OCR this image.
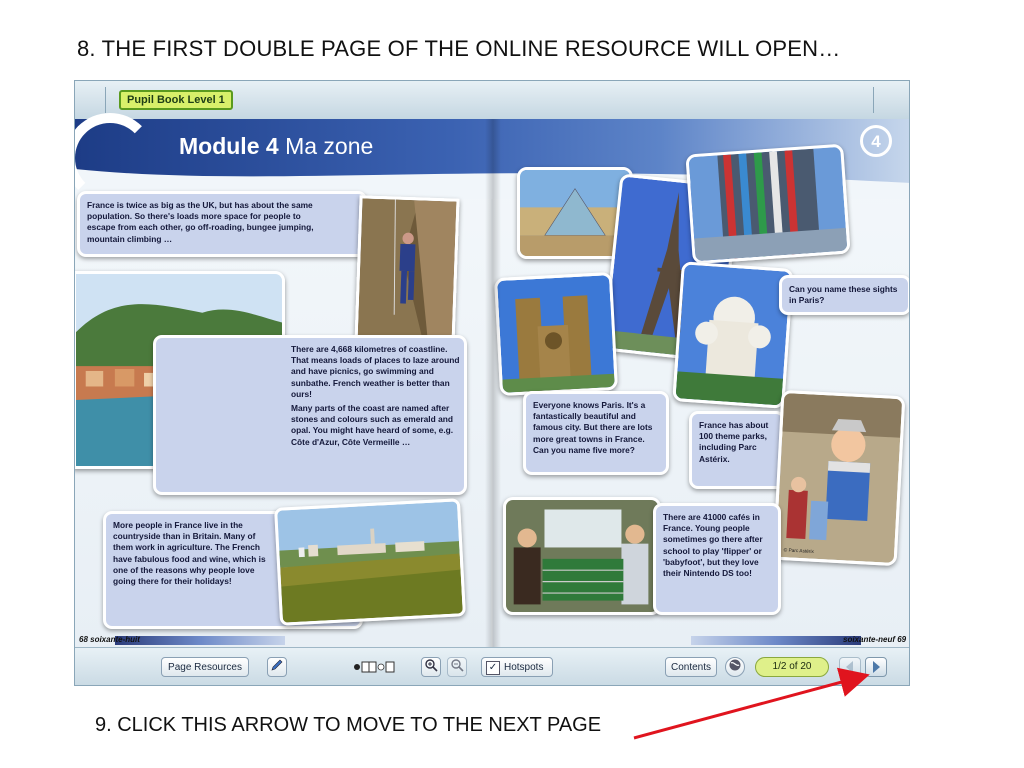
8. THE FIRST DOUBLE PAGE OF THE ONLINE RESOURCE WILL OPEN…
Pupil Book Level 1
Module 4 Ma zone	4
France is twice as big as the UK, but has about the same population. So there's loads more space for people to escape from each other, go off-roading, bungee jumping, mountain climbing …

There are 4,668 kilometres of coastline. That means loads of places to laze around and have picnics, go swimming and sunbathe. French weather is better than ours!

Many parts of the coast are named after stones and colours such as emerald and opal. You might have heard of some, e.g. Côte d'Azur, Côte Vermeille …

More people in France live in the countryside than in Britain. Many of them work in agriculture. The French have fabulous food and wine, which is one of the reasons why people love going there for their holidays!
Can you name these sights in Paris?
Everyone knows Paris. It's a fantastically beautiful and famous city. But there are lots more great towns in France. Can you name five more?
France has about 100 theme parks, including Parc Astérix.
© Parc Astérix
There are 41000 cafés in France. Young people sometimes go there after school to play 'flipper' or 'babyfoot', but they love their Nintendo DS too!
68 soixante-huit	soixante-neuf 69
Page Resources	✓ Hotspots	Contents	1/2 of 20
9. CLICK THIS ARROW TO MOVE TO THE NEXT PAGE
